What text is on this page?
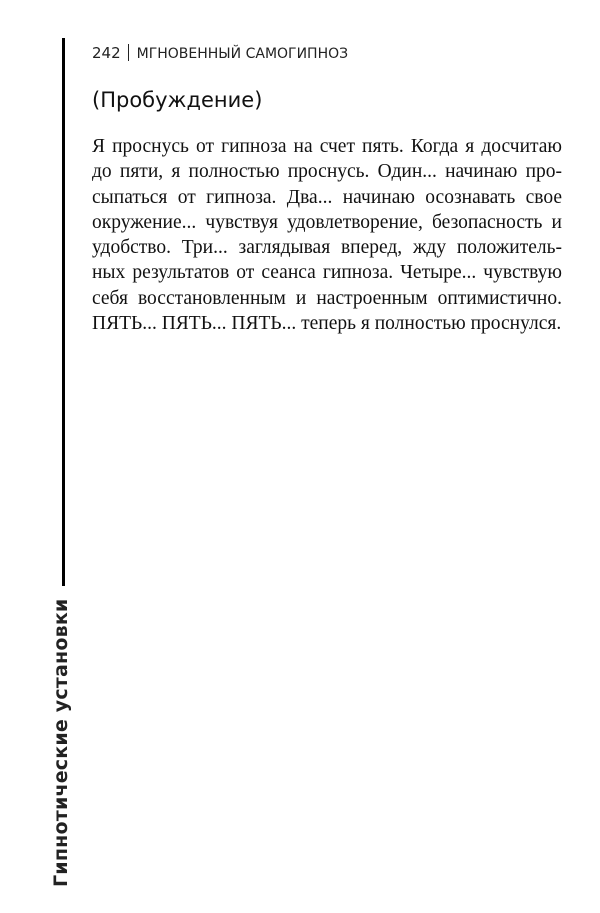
Гипнотические установки
242 МГНОВЕННЫЙ САМОГИПНОЗ
(Пробуждение)
Я проснусь от гипноза на счет пять. Когда я досчитаю
до пяти, я полностью проснусь. Один... начинаю про-
сыпаться от гипноза. Два... начинаю осознавать свое
окружение... чувствуя удовлетворение, безопасность и
удобство. Три... заглядывая вперед, жду положитель-
ных результатов от сеанса гипноза. Четыре... чувствую
себя восстановленным и настроенным оптимистично.
ПЯТЬ... ПЯТЬ... ПЯТЬ... теперь я полностью проснулся.
